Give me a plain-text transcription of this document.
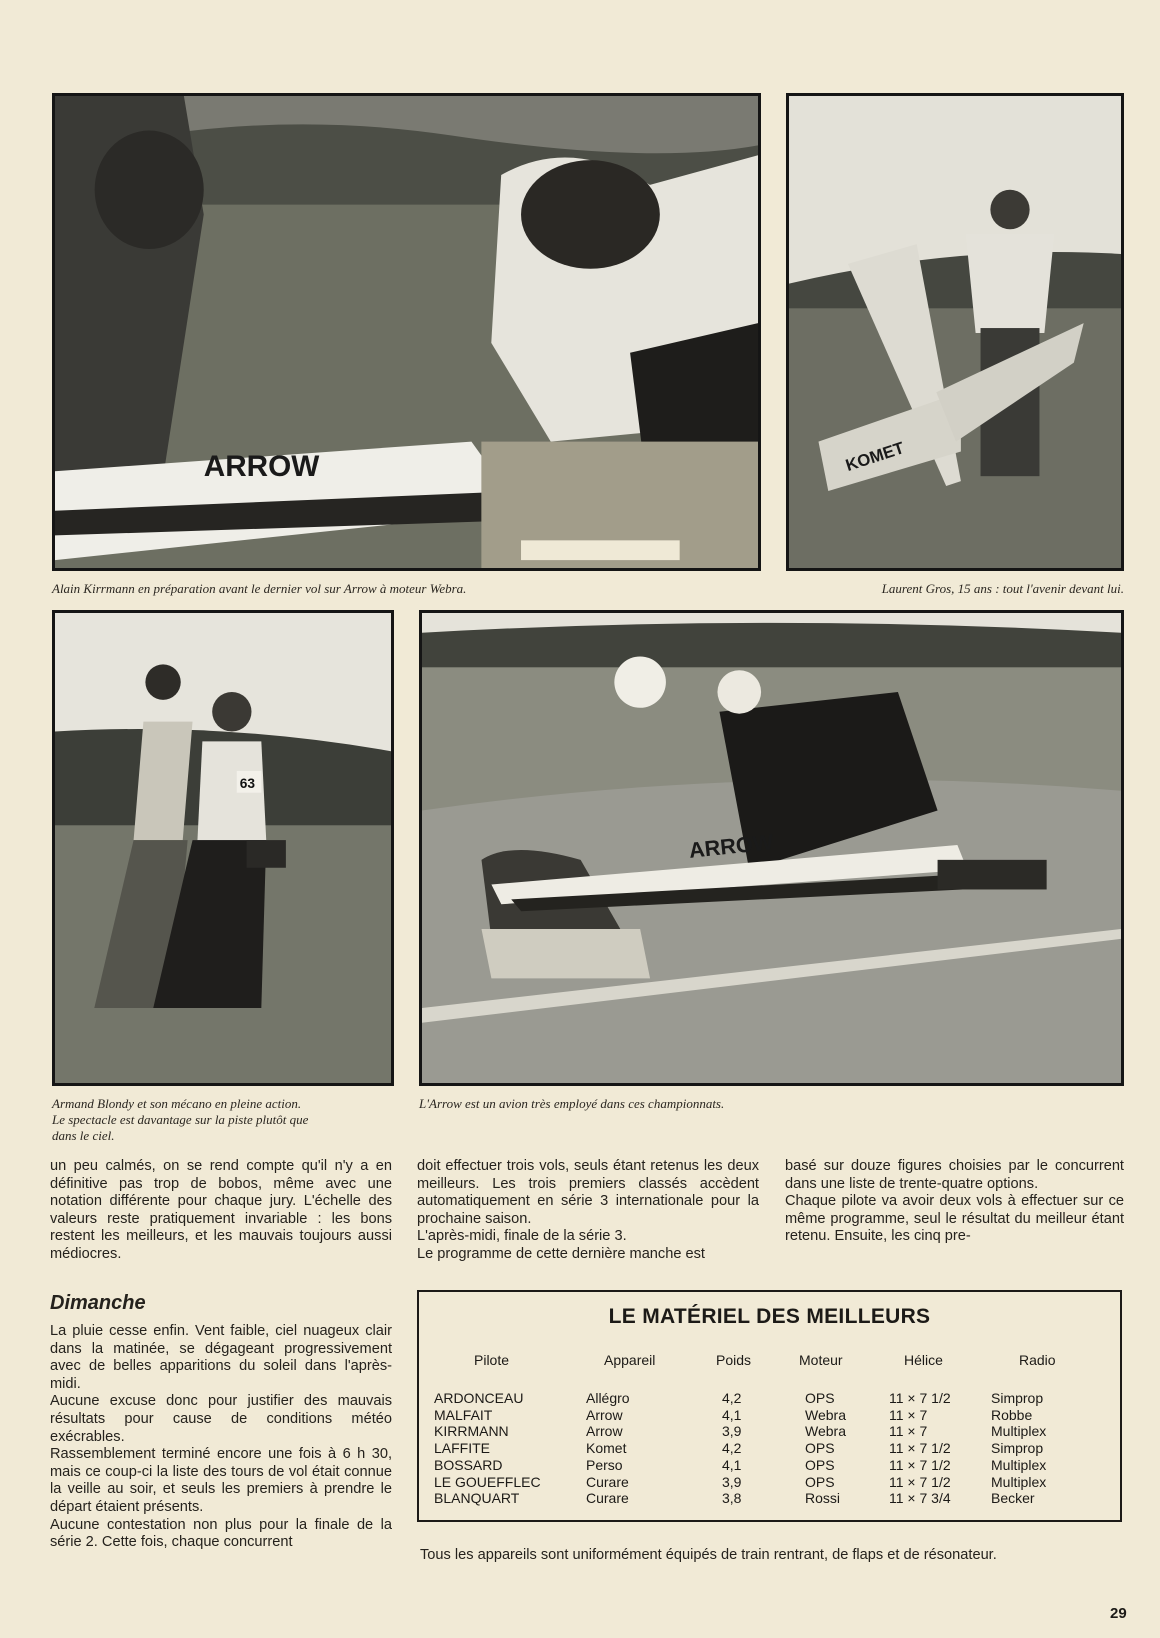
ARROW
Alain Kirrmann en préparation avant le dernier vol sur Arrow à moteur Webra.
KOMET
Laurent Gros, 15 ans : tout l'avenir devant lui.
63
Armand Blondy et son mécano en pleine action.
Le spectacle est davantage sur la piste plutôt que
dans le ciel.
ARROW
L'Arrow est un avion très employé dans ces championnats.

un peu calmés, on se rend compte qu'il n'y a en définitive pas trop de bobos, même avec une notation différente pour chaque jury. L'échelle des valeurs reste pratiquement invariable : les bons restent les meilleurs, et les mauvais toujours aussi médiocres.

Dimanche

La pluie cesse enfin. Vent faible, ciel nuageux clair dans la matinée, se dégageant progressivement avec de belles apparitions du soleil dans l'après-midi.

Aucune excuse donc pour justifier des mauvais résultats pour cause de conditions météo exécrables.

Rassemblement terminé encore une fois à 6 h 30, mais ce coup-ci la liste des tours de vol était connue la veille au soir, et seuls les premiers à prendre le départ étaient présents.

Aucune contestation non plus pour la finale de la série 2. Cette fois, chaque concurrent

doit effectuer trois vols, seuls étant retenus les deux meilleurs. Les trois premiers classés accèdent automatiquement en série 3 internationale pour la prochaine saison.

L'après-midi, finale de la série 3.

Le programme de cette dernière manche est

basé sur douze figures choisies par le concurrent dans une liste de trente-quatre options.

Chaque pilote va avoir deux vols à effectuer sur ce même programme, seul le résultat du meilleur étant retenu. Ensuite, les cinq pre-

LE MATÉRIEL DES MEILLEURS
Pilote	Appareil	Poids	Moteur	Hélice	Radio
ARDONCEAU	Allégro	4,2	OPS	11 × 7 1/2	Simprop
MALFAIT	Arrow	4,1	Webra	11 × 7	Robbe
KIRRMANN	Arrow	3,9	Webra	11 × 7	Multiplex
LAFFITE	Komet	4,2	OPS	11 × 7 1/2	Simprop
BOSSARD	Perso	4,1	OPS	11 × 7 1/2	Multiplex
LE GOUEFFLEC	Curare	3,9	OPS	11 × 7 1/2	Multiplex
BLANQUART	Curare	3,8	Rossi	11 × 7 3/4	Becker
Tous les appareils sont uniformément équipés de train rentrant, de flaps et de résonateur.
29
